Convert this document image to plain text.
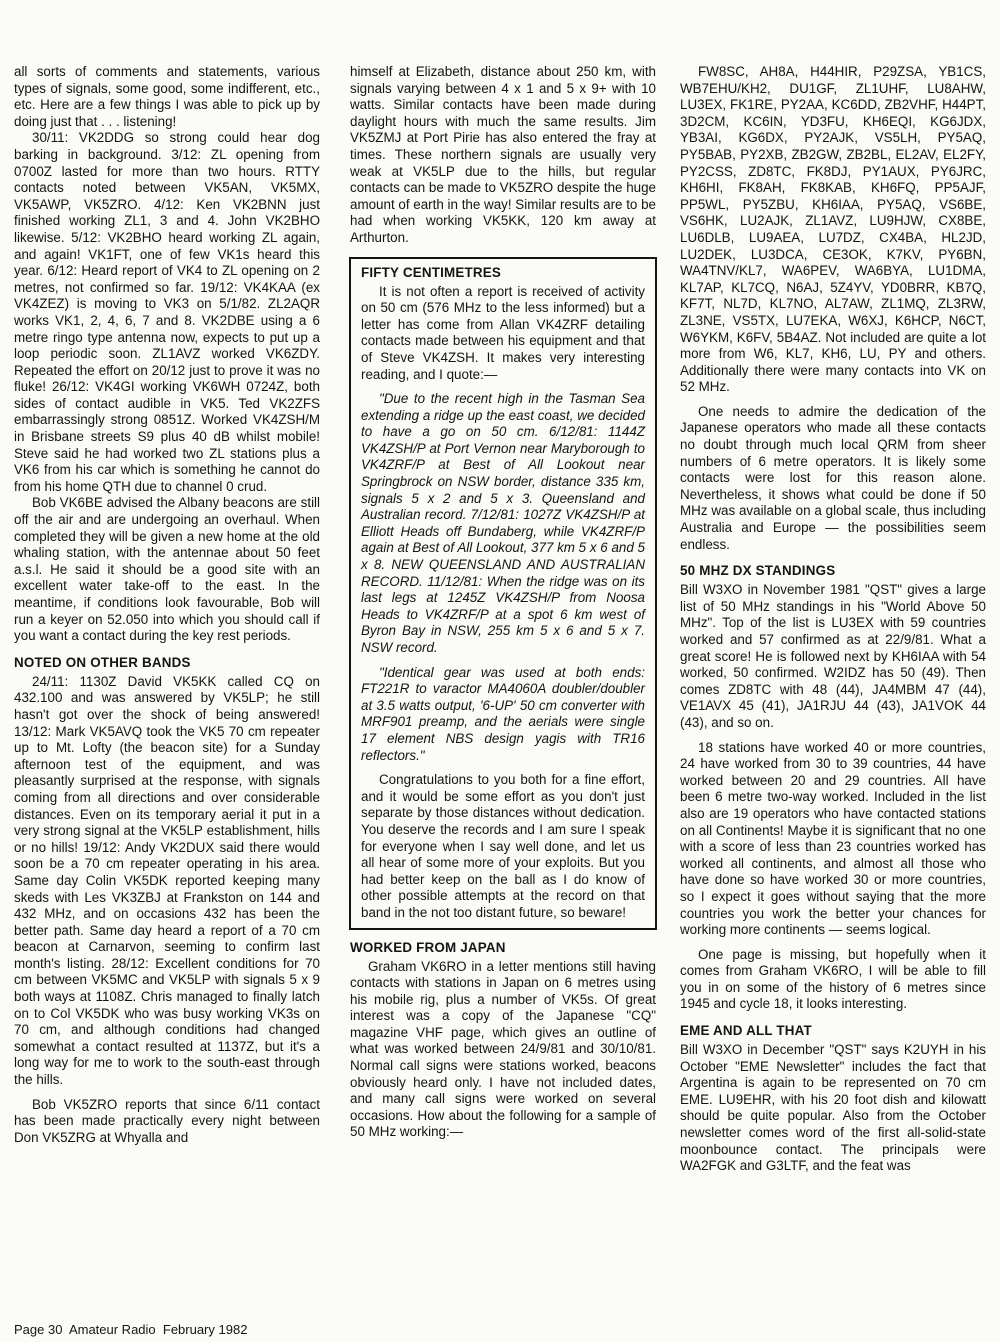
all sorts of comments and statements, various types of signals, some good, some indifferent, etc., etc. Here are a few things I was able to pick up by doing just that . . . listening!

30/11: VK2DDG so strong could hear dog barking in background. 3/12: ZL opening from 0700Z lasted for more than two hours. RTTY contacts noted between VK5AN, VK5MX, VK5AWP, VK5ZRO. 4/12: Ken VK2BNN just finished working ZL1, 3 and 4. John VK2BHO likewise. 5/12: VK2BHO heard working ZL again, and again! VK1FT, one of few VK1s heard this year. 6/12: Heard report of VK4 to ZL opening on 2 metres, not confirmed so far. 19/12: VK4KAA (ex VK4ZEZ) is moving to VK3 on 5/1/82. ZL2AQR works VK1, 2, 4, 6, 7 and 8. VK2DBE using a 6 metre ringo type antenna now, expects to put up a loop periodic soon. ZL1AVZ worked VK6ZDY. Repeated the effort on 20/12 just to prove it was no fluke! 26/12: VK4GI working VK6WH 0724Z, both sides of contact audible in VK5. Ted VK2ZFS embarrassingly strong 0851Z. Worked VK4ZSH/M in Brisbane streets S9 plus 40 dB whilst mobile! Steve said he had worked two ZL stations plus a VK6 from his car which is something he cannot do from his home QTH due to channel 0 crud.

Bob VK6BE advised the Albany beacons are still off the air and are undergoing an overhaul. When completed they will be given a new home at the old whaling station, with the antennae about 50 feet a.s.l. He said it should be a good site with an excellent water take-off to the east. In the meantime, if conditions look favourable, Bob will run a keyer on 52.050 into which you should call if you want a contact during the key rest periods.

NOTED ON OTHER BANDS

24/11: 1130Z David VK5KK called CQ on 432.100 and was answered by VK5LP; he still hasn't got over the shock of being answered! 13/12: Mark VK5AVQ took the VK5 70 cm repeater up to Mt. Lofty (the beacon site) for a Sunday afternoon test of the equipment, and was pleasantly surprised at the response, with signals coming from all directions and over considerable distances. Even on its temporary aerial it put in a very strong signal at the VK5LP establishment, hills or no hills! 19/12: Andy VK2DUX said there would soon be a 70 cm repeater operating in his area. Same day Colin VK5DK reported keeping many skeds with Les VK3ZBJ at Frankston on 144 and 432 MHz, and on occasions 432 has been the better path. Same day heard a report of a 70 cm beacon at Carnarvon, seeming to confirm last month's listing. 28/12: Excellent conditions for 70 cm between VK5MC and VK5LP with signals 5 x 9 both ways at 1108Z. Chris managed to finally latch on to Col VK5DK who was busy working VK3s on 70 cm, and although conditions had changed somewhat a contact resulted at 1137Z, but it's a long way for me to work to the south-east through the hills.

Bob VK5ZRO reports that since 6/11 contact has been made practically every night between Don VK5ZRG at Whyalla and

himself at Elizabeth, distance about 250 km, with signals varying between 4 x 1 and 5 x 9+ with 10 watts. Similar contacts have been made during daylight hours with much the same results. Jim VK5ZMJ at Port Pirie has also entered the fray at times. These northern signals are usually very weak at VK5LP due to the hills, but regular contacts can be made to VK5ZRO despite the huge amount of earth in the way! Similar results are to be had when working VK5KK, 120 km away at Arthurton.

FIFTY CENTIMETRES

It is not often a report is received of activity on 50 cm (576 MHz to the less informed) but a letter has come from Allan VK4ZRF detailing contacts made between his equipment and that of Steve VK4ZSH. It makes very interesting reading, and I quote:—

"Due to the recent high in the Tasman Sea extending a ridge up the east coast, we decided to have a go on 50 cm. 6/12/81: 1144Z VK4ZSH/P at Port Vernon near Maryborough to VK4ZRF/P at Best of All Lookout near Springbrock on NSW border, distance 335 km, signals 5 x 2 and 5 x 3. Queensland and Australian record. 7/12/81: 1027Z VK4ZSH/P at Elliott Heads off Bundaberg, while VK4ZRF/P again at Best of All Lookout, 377 km 5 x 6 and 5 x 8. NEW QUEENSLAND AND AUSTRALIAN RECORD. 11/12/81: When the ridge was on its last legs at 1245Z VK4ZSH/P from Noosa Heads to VK4ZRF/P at a spot 6 km west of Byron Bay in NSW, 255 km 5 x 6 and 5 x 7. NSW record.

"Identical gear was used at both ends: FT221R to varactor MA4060A doubler/doubler at 3.5 watts output, '6-UP' 50 cm converter with MRF901 preamp, and the aerials were single 17 element NBS design yagis with TR16 reflectors."

Congratulations to you both for a fine effort, and it would be some effort as you don't just separate by those distances without dedication. You deserve the records and I am sure I speak for everyone when I say well done, and let us all hear of some more of your exploits. But you had better keep on the ball as I do know of other possible attempts at the record on that band in the not too distant future, so beware!

WORKED FROM JAPAN

Graham VK6RO in a letter mentions still having contacts with stations in Japan on 6 metres using his mobile rig, plus a number of VK5s. Of great interest was a copy of the Japanese "CQ" magazine VHF page, which gives an outline of what was worked between 24/9/81 and 30/10/81. Normal call signs were stations worked, beacons obviously heard only. I have not included dates, and many call signs were worked on several occasions. How about the following for a sample of 50 MHz working:—

FW8SC, AH8A, H44HIR, P29ZSA, YB1CS, WB7EHU/KH2, DU1GF, ZL1UHF, LU8AHW, LU3EX, FK1RE, PY2AA, KC6DD, ZB2VHF, H44PT, 3D2CM, KC6IN, YD3FU, KH6EQI, KG6JDX, YB3AI, KG6DX, PY2AJK, VS5LH, PY5AQ, PY5BAB, PY2XB, ZB2GW, ZB2BL, EL2AV, EL2FY, PY2CSS, ZD8TC, FK8DJ, PY1AUX, PY6JRC, KH6HI, FK8AH, FK8KAB, KH6FQ, PP5AJF, PP5WL, PY5ZBU, KH6IAA, PY5AQ, VS6BE, VS6HK, LU2AJK, ZL1AVZ, LU9HJW, CX8BE, LU6DLB, LU9AEA, LU7DZ, CX4BA, HL2JD, LU2DEK, LU3DCA, CE3OK, K7KV, PY6BN, WA4TNV/KL7, WA6PEV, WA6BYA, LU1DMA, KL7AP, KL7CQ, N6AJ, 5Z4YV, YD0BRR, KB7Q, KF7T, NL7D, KL7NO, AL7AW, ZL1MQ, ZL3RW, ZL3NE, VS5TX, LU7EKA, W6XJ, K6HCP, N6CT, W6YKM, K6FV, 5B4AZ. Not included are quite a lot more from W6, KL7, KH6, LU, PY and others. Additionally there were many contacts into VK on 52 MHz.

One needs to admire the dedication of the Japanese operators who made all these contacts no doubt through much local QRM from sheer numbers of 6 metre operators. It is likely some contacts were lost for this reason alone. Nevertheless, it shows what could be done if 50 MHz was available on a global scale, thus including Australia and Europe — the possibilities seem endless.

50 MHZ DX STANDINGS

Bill W3XO in November 1981 "QST" gives a large list of 50 MHz standings in his "World Above 50 MHz". Top of the list is LU3EX with 59 countries worked and 57 confirmed as at 22/9/81. What a great score! He is followed next by KH6IAA with 54 worked, 50 confirmed. W2IDZ has 50 (49). Then comes ZD8TC with 48 (44), JA4MBM 47 (44), VE1AVX 45 (41), JA1RJU 44 (43), JA1VOK 44 (43), and so on.

18 stations have worked 40 or more countries, 24 have worked from 30 to 39 countries, 44 have worked between 20 and 29 countries. All have been 6 metre two-way worked. Included in the list also are 19 operators who have contacted stations on all Continents! Maybe it is significant that no one with a score of less than 23 countries worked has worked all continents, and almost all those who have done so have worked 30 or more countries, so I expect it goes without saying that the more countries you work the better your chances for working more continents — seems logical.

One page is missing, but hopefully when it comes from Graham VK6RO, I will be able to fill you in on some of the history of 6 metres since 1945 and cycle 18, it looks interesting.

EME AND ALL THAT

Bill W3XO in December "QST" says K2UYH in his October "EME Newsletter" includes the fact that Argentina is again to be represented on 70 cm EME. LU9EHR, with his 20 foot dish and kilowatt should be quite popular. Also from the October newsletter comes word of the first all-solid-state moonbounce contact. The principals were WA2FGK and G3LTF, and the feat was

Page 30  Amateur Radio  February 1982
